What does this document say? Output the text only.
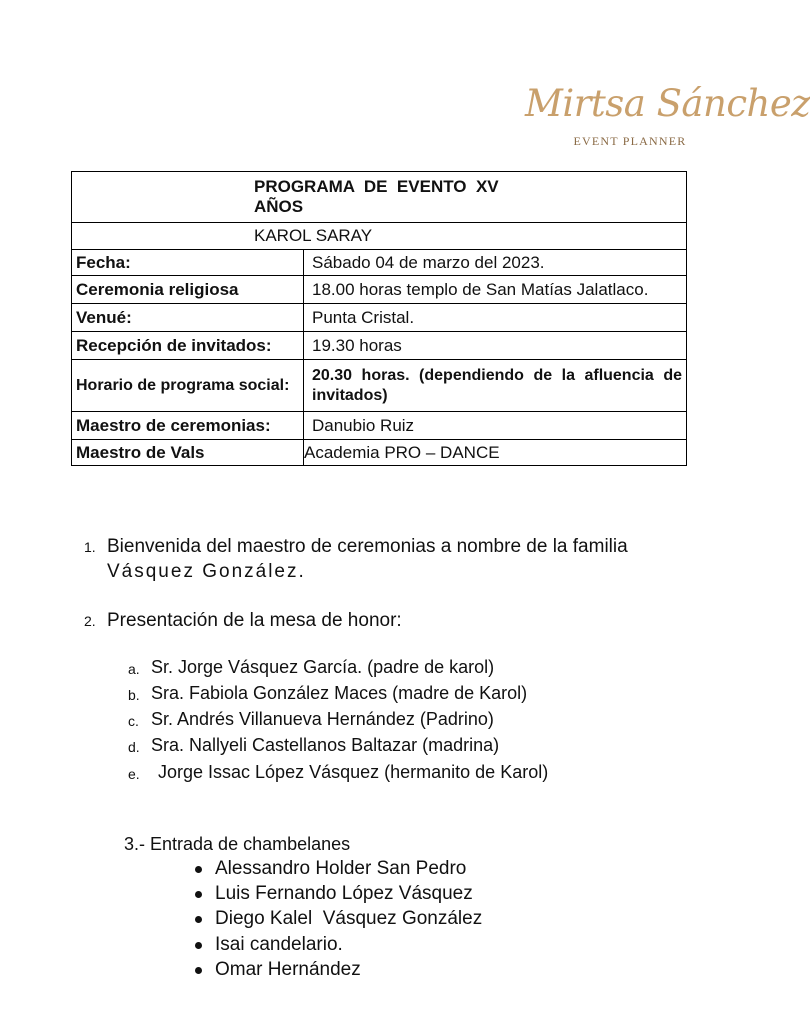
Mirtsa Sánchez
EVENT PLANNER
PROGRAMA  DE  EVENTO  XV
AÑOS	

KAROL SARAY	
Fecha:	Sábado 04 de marzo del 2023.
Ceremonia religiosa	18.00 horas templo de San Matías Jalatlaco.
Venué:	Punta Cristal.
Recepción de invitados:	19.30 horas
Horario de programa social:	20.30 horas. (dependiendo de la afluencia de invitados)
Maestro de ceremonias:	Danubio Ruiz
Maestro de Vals	Academia PRO – DANCE
1. Bienvenida del maestro de ceremonias a nombre de la familia
Vásquez González.
2. Presentación de la mesa de honor:
a. Sr. Jorge Vásquez García. (padre de karol)
b. Sra. Fabiola González Maces (madre de Karol)
c. Sr. Andrés Villanueva Hernández (Padrino)
d. Sra. Nallyeli Castellanos Baltazar (madrina)
e. Jorge Issac López Vásquez (hermanito de Karol)
3.- Entrada de chambelanes
Alessandro Holder San Pedro
Luis Fernando López Vásquez
Diego Kalel  Vásquez González
Isai candelario.
Omar Hernández
